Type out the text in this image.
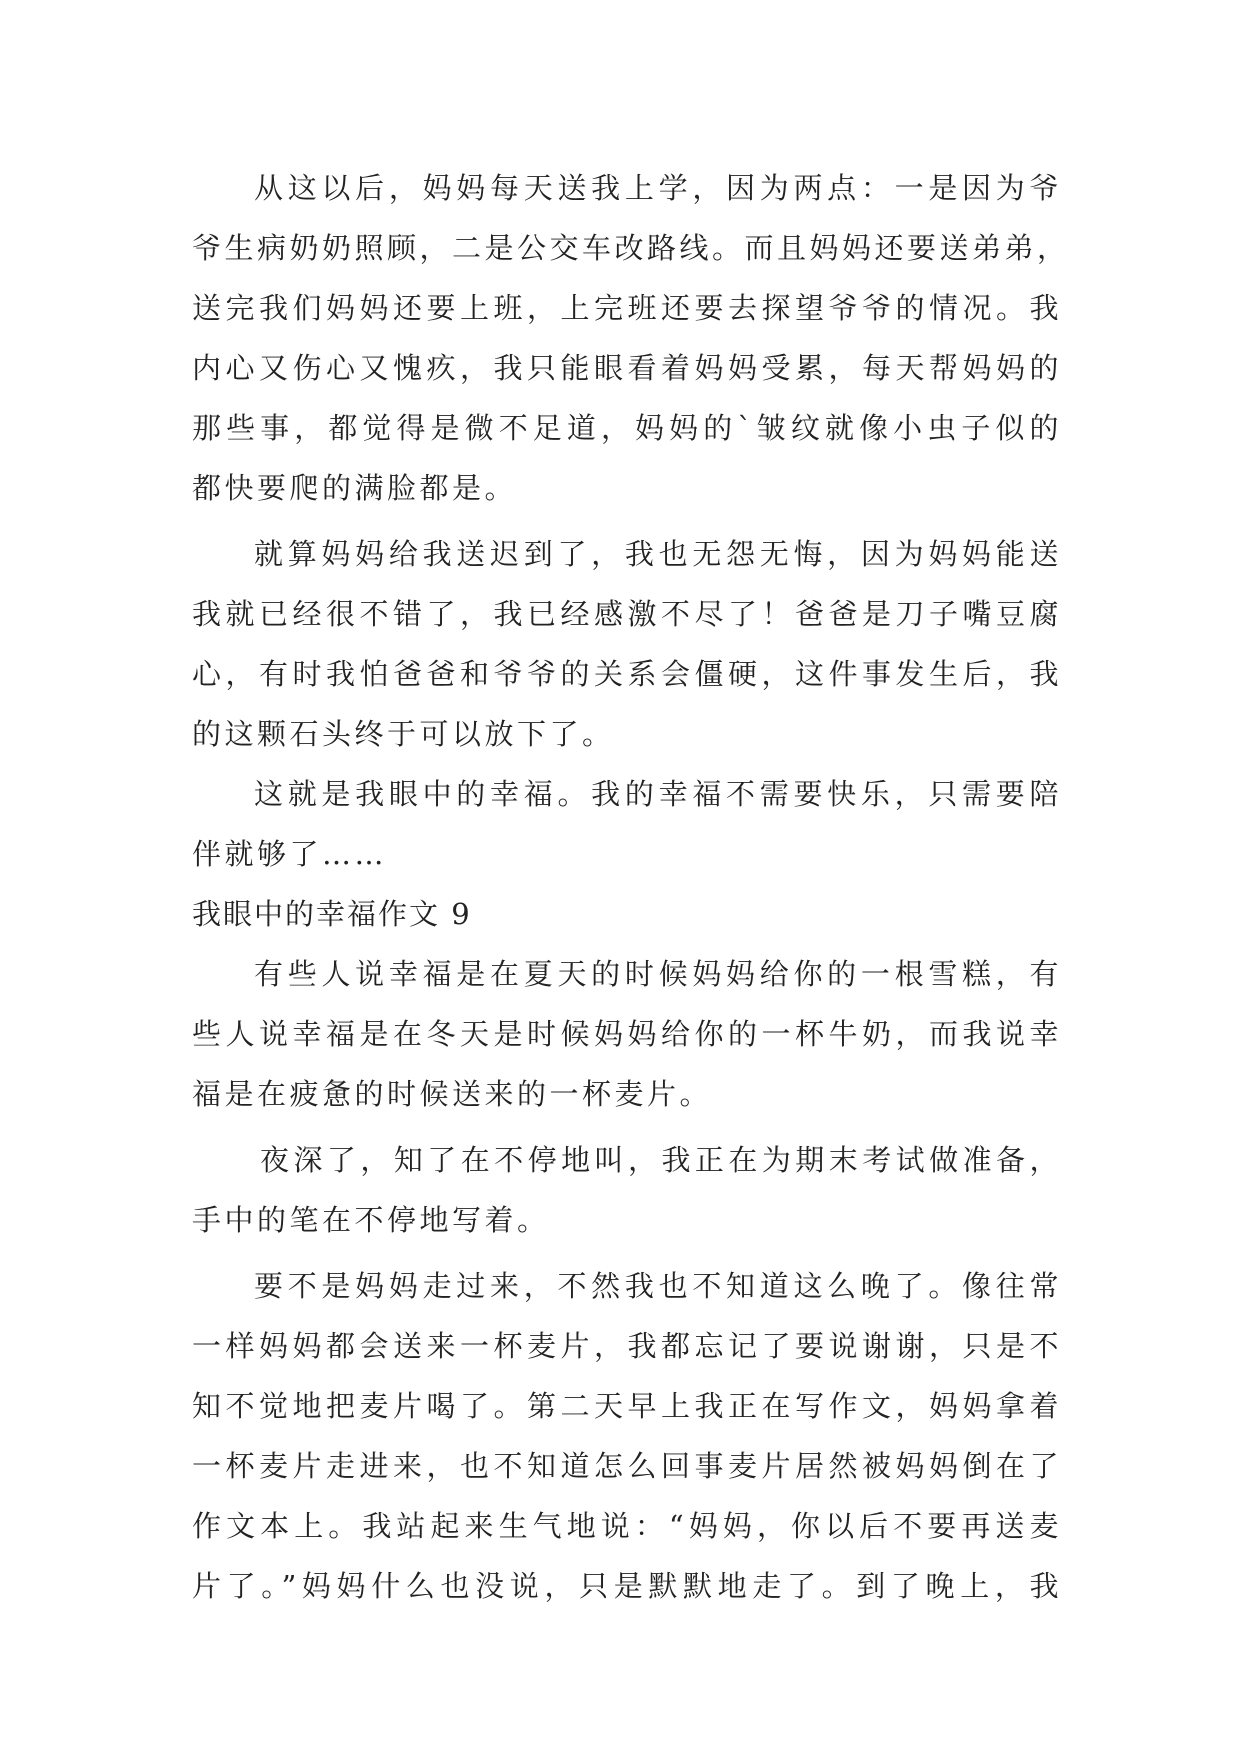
从这以后，妈妈每天送我上学，因为两点：一是因为爷
爷生病奶奶照顾，二是公交车改路线。而且妈妈还要送弟弟，
送完我们妈妈还要上班，上完班还要去探望爷爷的情况。我
内心又伤心又愧疚，我只能眼看着妈妈受累，每天帮妈妈的
那些事，都觉得是微不足道，妈妈的`皱纹就像小虫子似的
都快要爬的满脸都是。
就算妈妈给我送迟到了，我也无怨无悔，因为妈妈能送
我就已经很不错了，我已经感激不尽了！爸爸是刀子嘴豆腐
心，有时我怕爸爸和爷爷的关系会僵硬，这件事发生后，我
的这颗石头终于可以放下了。
这就是我眼中的幸福。我的幸福不需要快乐，只需要陪
伴就够了……
我眼中的幸福作文 9
有些人说幸福是在夏天的时候妈妈给你的一根雪糕，有
些人说幸福是在冬天是时候妈妈给你的一杯牛奶，而我说幸
福是在疲惫的时候送来的一杯麦片。
夜深了，知了在不停地叫，我正在为期末考试做准备，
手中的笔在不停地写着。
要不是妈妈走过来，不然我也不知道这么晚了。像往常
一样妈妈都会送来一杯麦片，我都忘记了要说谢谢，只是不
知不觉地把麦片喝了。第二天早上我正在写作文，妈妈拿着
一杯麦片走进来，也不知道怎么回事麦片居然被妈妈倒在了
作文本上。我站起来生气地说：“妈妈，你以后不要再送麦
片了。”妈妈什么也没说，只是默默地走了。到了晚上，我
